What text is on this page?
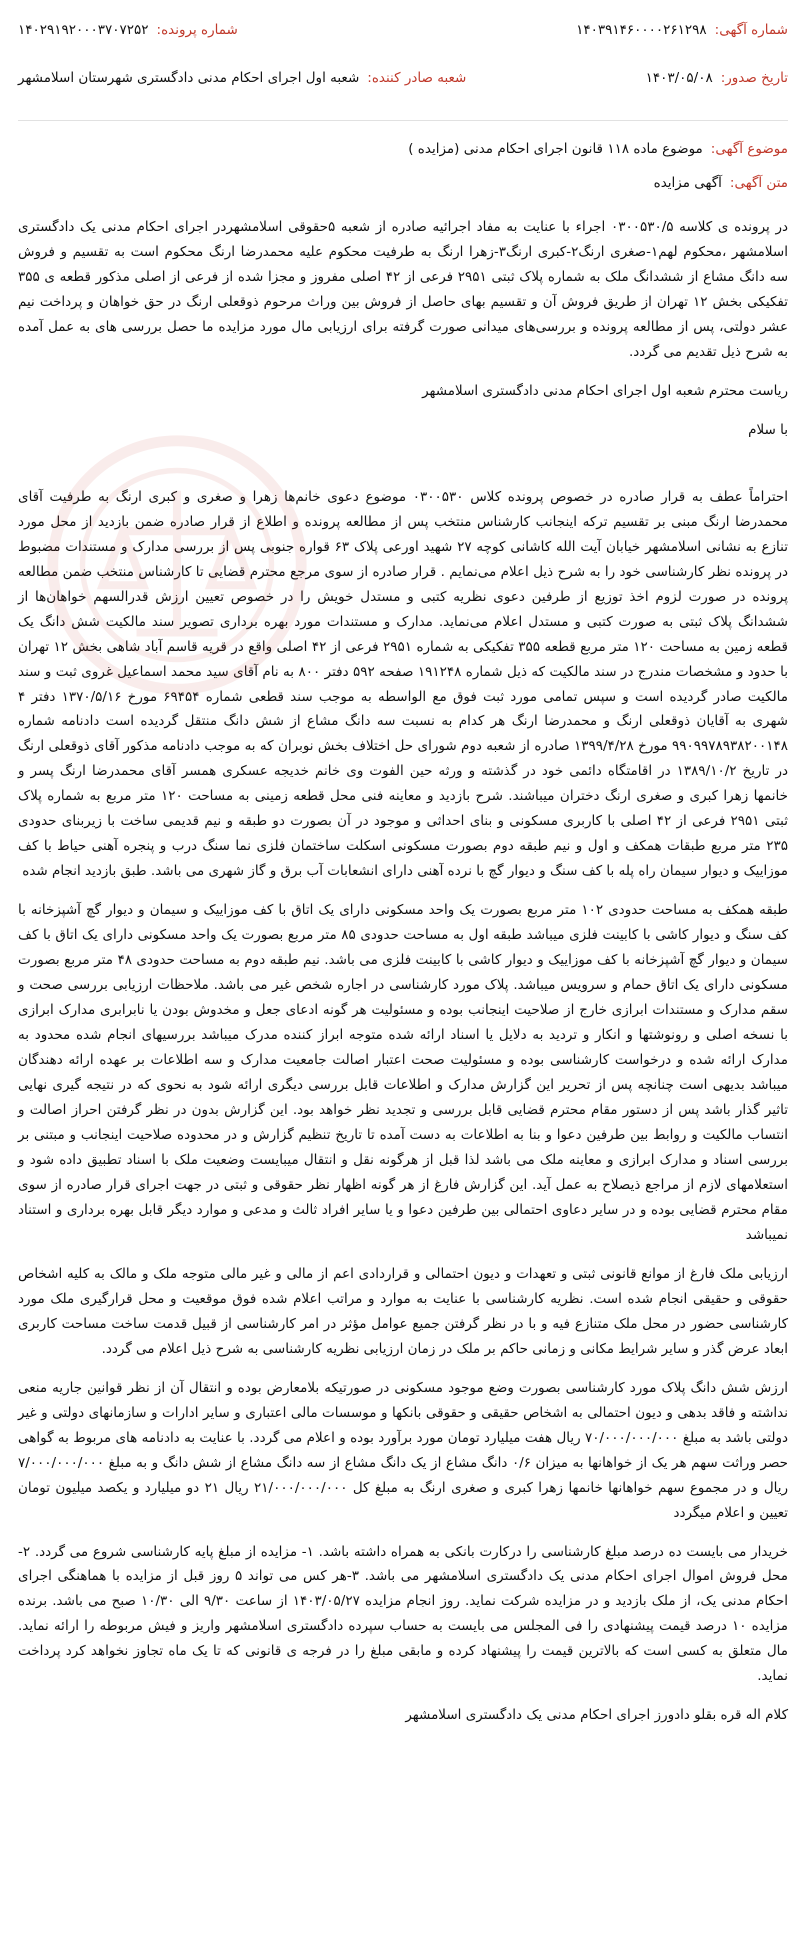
شماره آگهی:
۱۴۰۳۹۱۴۶۰۰۰۰۲۶۱۲۹۸
شماره پرونده:
۱۴۰۲۹۱۹۲۰۰۰۳۷۰۷۲۵۲
تاریخ صدور:
۱۴۰۳/۰۵/۰۸
شعبه صادر کننده:
شعبه اول اجرای احکام مدنی دادگستری شهرستان اسلامشهر
موضوع آگهی:
موضوع ماده ۱۱۸ قانون اجرای احکام مدنی (مزایده )
متن آگهی:
آگهی مزایده

در پرونده ی کلاسه ۰۳۰۰۵۳۰/۵ اجراء با عنایت به مفاد اجرائیه صادره از شعبه ۵حقوقی اسلامشهردر اجرای احکام مدنی یک دادگستری اسلامشهر ،محکوم لهم۱-صغری ارنگ۲-کبری ارنگ۳-زهرا ارنگ به طرفیت محکوم علیه محمدرضا ارنگ محکوم است به تقسیم و فروش سه دانگ مشاع از ششدانگ ملک به شماره پلاک ثبتی ۲۹۵۱ فرعی از ۴۲ اصلی مفروز و مجزا شده از فرعی از اصلی مذکور قطعه ی ۳۵۵ تفکیکی بخش ۱۲ تهران از طریق فروش آن و تقسیم بهای حاصل از فروش بین وراث مرحوم ذوقعلی ارنگ در حق خواهان و پرداخت نیم عشر دولتی، پس از مطالعه پرونده و بررسی‌های میدانی صورت گرفته برای ارزیابی مال مورد مزایده ما حصل بررسی های به عمل آمده به شرح ذیل تقدیم می گردد.

ریاست محترم شعبه اول اجرای احکام مدنی دادگستری اسلامشهر

با سلام

احتراماً عطف به قرار صادره در خصوص پرونده کلاس ۰۳۰۰۵۳۰ موضوع دعوی خانم‌ها زهرا و صغری و کبری ارنگ به طرفیت آقای محمدرضا ارنگ مبنی بر تقسیم ترکه اینجانب کارشناس منتخب پس از مطالعه پرونده و اطلاع از قرار صادره ضمن بازدید از محل مورد تنازع به نشانی اسلامشهر خیابان آیت الله کاشانی کوچه ۲۷ شهید اورعی پلاک ۶۳ قواره جنوبی پس از بررسی مدارک و مستندات مضبوط در پرونده نظر کارشناسی خود را به شرح ذیل اعلام می‌نمایم . قرار صادره از سوی مرجع محترم قضایی تا کارشناس منتخب ضمن مطالعه پرونده در صورت لزوم اخذ توزیع از طرفین دعوی نظریه کتبی و مستدل خویش را در خصوص تعیین ارزش قدرالسهم خواهان‌ها از ششدانگ پلاک ثبتی به صورت کتبی و مستدل اعلام می‌نماید. مدارک و مستندات مورد بهره برداری تصویر سند مالکیت شش دانگ یک قطعه زمین به مساحت ۱۲۰ متر مربع قطعه ۳۵۵ تفکیکی به شماره ۲۹۵۱ فرعی از ۴۲ اصلی واقع در قریه قاسم آباد شاهی بخش ۱۲ تهران با حدود و مشخصات مندرج در سند مالکیت که ذیل شماره ۱۹۱۲۴۸ صفحه ۵۹۲ دفتر ۸۰۰ به نام آقای سید محمد اسماعیل غروی ثبت و سند مالکیت صادر گردیده است و سپس تمامی مورد ثبت فوق مع الواسطه به موجب سند قطعی شماره ۶۹۴۵۴ مورخ ۱۳۷۰/۵/۱۶ دفتر ۴ شهری به آقایان ذوقعلی ارنگ و محمدرضا ارنگ هر کدام به نسبت سه دانگ مشاع از شش دانگ منتقل گردیده است دادنامه شماره ۹۹۰۹۹۷۸۹۳۸۲۰۰۱۴۸ مورخ ۱۳۹۹/۴/۲۸ صادره از شعبه دوم شورای حل اختلاف بخش نوبران که به موجب دادنامه مذکور آقای ذوقعلی ارنگ در تاریخ ۱۳۸۹/۱۰/۲ در اقامتگاه دائمی خود در گذشته و ورثه حین الفوت وی خانم خدیجه عسکری همسر آقای محمدرضا ارنگ پسر و خانمها زهرا کبری و صغری ارنگ دختران میباشند. شرح بازدید و معاینه فنی محل قطعه زمینی به مساحت ۱۲۰ متر مربع به شماره پلاک ثبتی ۲۹۵۱ فرعی از ۴۲ اصلی با کاربری مسکونی و بنای احداثی و موجود در آن بصورت دو طبقه و نیم قدیمی ساخت با زیربنای حدودی ۲۳۵ متر مربع طبقات همکف و اول و نیم طبقه دوم بصورت مسکونی اسکلت ساختمان فلزی نما سنگ درب و پنجره آهنی حیاط با کف موزاییک و دیوار سیمان راه پله با کف سنگ و دیوار گچ با نرده آهنی دارای انشعابات آب برق و گاز شهری می باشد. طبق بازدید انجام شده

طبقه همکف به مساحت حدودی ۱۰۲ متر مربع بصورت یک واحد مسکونی دارای یک اتاق با کف موزاییک و سیمان و دیوار گچ آشپزخانه با کف سنگ و دیوار کاشی با کابینت فلزی میباشد طبقه اول به مساحت حدودی ۸۵ متر مربع بصورت یک واحد مسکونی دارای یک اتاق با کف سیمان و دیوار گچ آشپزخانه با کف موزاییک و دیوار کاشی با کابینت فلزی می باشد. نیم طبقه دوم به مساحت حدودی ۴۸ متر مربع بصورت مسکونی دارای یک اتاق حمام و سرویس میباشد. پلاک مورد کارشناسی در اجاره شخص غیر می باشد. ملاحظات ارزیابی بررسی صحت و سقم مدارک و مستندات ابرازی خارج از صلاحیت اینجانب بوده و مسئولیت هر گونه ادعای جعل و مخدوش بودن یا نابرابری مدارک ابرازی با نسخه اصلی و رونوشتها و انکار و تردید به دلایل یا اسناد ارائه شده متوجه ابراز کننده مدرک میباشد بررسیهای انجام شده محدود به مدارک ارائه شده و درخواست کارشناسی بوده و مسئولیت صحت اعتبار اصالت جامعیت مدارک و سه اطلاعات بر عهده ارائه دهندگان میباشد بدیهی است چنانچه پس از تحریر این گزارش مدارک و اطلاعات قابل بررسی دیگری ارائه شود به نحوی که در نتیجه گیری نهایی تاثیر گذار باشد پس از دستور مقام محترم قضایی قابل بررسی و تجدید نظر خواهد بود. این گزارش بدون در نظر گرفتن احراز اصالت و انتساب مالکیت و روابط بین طرفین دعوا و بنا به اطلاعات به دست آمده تا تاریخ تنظیم گزارش و در محدوده صلاحیت اینجانب و مبتنی بر بررسی اسناد و مدارک ابرازی و معاینه ملک می باشد لذا قبل از هرگونه نقل و انتقال میبایست وضعیت ملک با اسناد تطبیق داده شود و استعلامهای لازم از مراجع ذیصلاح به عمل آید. این گزارش فارغ از هر گونه اظهار نظر حقوقی و ثبتی در جهت اجرای قرار صادره از سوی مقام محترم قضایی بوده و در سایر دعاوی احتمالی بین طرفین دعوا و یا سایر افراد ثالث و مدعی و موارد دیگر قابل بهره برداری و استناد نمیباشد

ارزیابی ملک فارغ از موانع قانونی ثبتی و تعهدات و دیون احتمالی و قراردادی اعم از مالی و غیر مالی متوجه ملک و مالک به کلیه اشخاص حقوقی و حقیقی انجام شده است. نظریه کارشناسی با عنایت به موارد و مراتب اعلام شده فوق موقعیت و محل قرارگیری ملک مورد کارشناسی حضور در محل ملک متنازع فیه و با در نظر گرفتن جمیع عوامل مؤثر در امر کارشناسی از قبیل قدمت ساخت مساحت کاربری ابعاد عرض گذر و سایر شرایط مکانی و زمانی حاکم بر ملک در زمان ارزیابی نظریه کارشناسی به شرح ذیل اعلام می گردد.

ارزش شش دانگ پلاک مورد کارشناسی بصورت وضع موجود مسکونی در صورتیکه بلامعارض بوده و انتقال آن از نظر قوانین جاریه منعی نداشته و فاقد بدهی و دیون احتمالی به اشخاص حقیقی و حقوقی بانکها و موسسات مالی اعتباری و سایر ادارات و سازمانهای دولتی و غیر دولتی باشد به مبلغ ۷۰/۰۰۰/۰۰۰/۰۰۰ ریال هفت میلیارد تومان مورد برآورد بوده و اعلام می گردد. با عنایت به دادنامه های مربوط به گواهی حصر وراثت سهم هر یک از خواهانها به میزان ۰/۶ دانگ مشاع از یک دانگ مشاع از سه دانگ مشاع از شش دانگ و به مبلغ ۷/۰۰۰/۰۰۰/۰۰۰ ریال و در مجموع سهم خواهانها خانمها زهرا کبری و صغری ارنگ به مبلغ کل ۲۱/۰۰۰/۰۰۰/۰۰۰ ریال ۲۱ دو میلیارد و یکصد میلیون تومان تعیین و اعلام میگردد

خریدار می بایست ده درصد مبلغ کارشناسی را درکارت بانکی به همراه داشته باشد. ۱- مزایده از مبلغ پایه کارشناسی شروع می گردد. ۲-محل فروش اموال اجرای احکام مدنی یک دادگستری اسلامشهر می باشد. ۳-هر کس می تواند ۵ روز قبل از مزایده با هماهنگی اجرای احکام مدنی یک، از ملک بازدید و در مزایده شرکت نماید. روز انجام مزایده ۱۴۰۳/۰۵/۲۷ از ساعت ۹/۳۰ الی ۱۰/۳۰ صبح می باشد. برنده مزایده ۱۰ درصد قیمت پیشنهادی را فی المجلس می بایست به حساب سپرده دادگستری اسلامشهر واریز و فیش مربوطه را ارائه نماید. مال متعلق به کسی است که بالاترین قیمت را پیشنهاد کرده و مابقی مبلغ را در فرجه ی قانونی که تا یک ماه تجاوز نخواهد کرد پرداخت نماید.

کلام اله قره بقلو دادورز اجرای احکام مدنی یک دادگستری اسلامشهر
